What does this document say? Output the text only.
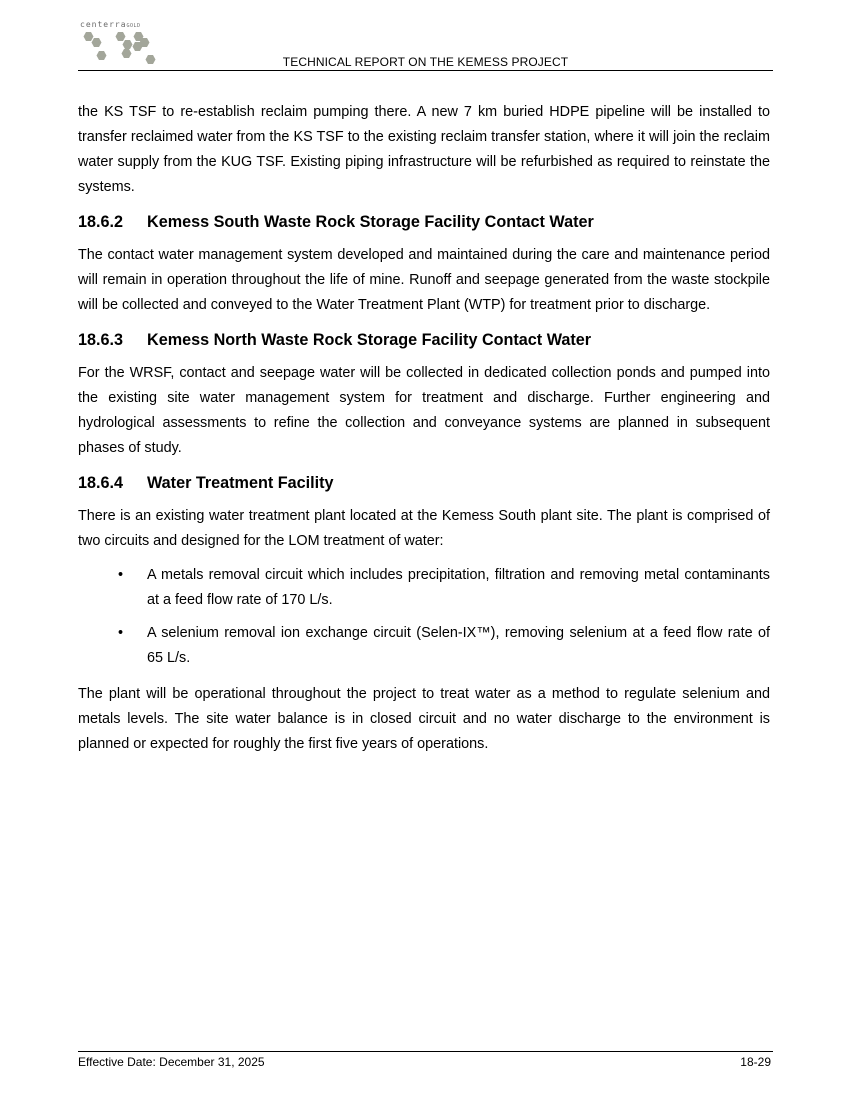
centerraGOLD
TECHNICAL REPORT ON THE KEMESS PROJECT

the KS TSF to re-establish reclaim pumping there. A new 7 km buried HDPE pipeline will be installed to transfer reclaimed water from the KS TSF to the existing reclaim transfer station, where it will join the reclaim water supply from the KUG TSF. Existing piping infrastructure will be refurbished as required to reinstate the systems.

18.6.2 Kemess South Waste Rock Storage Facility Contact Water

The contact water management system developed and maintained during the care and maintenance period will remain in operation throughout the life of mine. Runoff and seepage generated from the waste stockpile will be collected and conveyed to the Water Treatment Plant (WTP) for treatment prior to discharge.

18.6.3 Kemess North Waste Rock Storage Facility Contact Water

For the WRSF, contact and seepage water will be collected in dedicated collection ponds and pumped into the existing site water management system for treatment and discharge. Further engineering and hydrological assessments to refine the collection and conveyance systems are planned in subsequent phases of study.

18.6.4 Water Treatment Facility

There is an existing water treatment plant located at the Kemess South plant site. The plant is comprised of two circuits and designed for the LOM treatment of water:

• A metals removal circuit which includes precipitation, filtration and removing metal contaminants at a feed flow rate of 170 L/s.
• A selenium removal ion exchange circuit (Selen-IX™), removing selenium at a feed flow rate of 65 L/s.

The plant will be operational throughout the project to treat water as a method to regulate selenium and metals levels. The site water balance is in closed circuit and no water discharge to the environment is planned or expected for roughly the first five years of operations.

Effective Date: December 31, 2025	18-29
